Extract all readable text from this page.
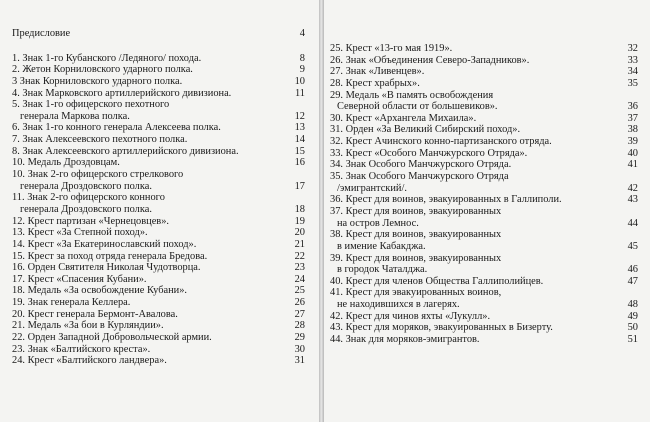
Предисловие	4
1. Знак 1-го Кубанского /Ледяного/ похода.	8
2. Жетон Корниловского ударного полка.	9
3 Знак Корниловского ударного полка.	10
4. Знак Марковского артиллерийского дивизиона.	11
5. Знак 1-го офицерского пехотного
генерала Маркова полка.	12
6. Знак 1-го конного генерала Алексеева полка.	13
7. Знак Алексеевского пехотного полка.	14
8. Знак Алексеевского артиллерийского дивизиона.	15
10. Медаль Дроздовцам.	16
10. Знак 2-го офицерского стрелкового
генерала Дроздовского полка.	17
11. Знак 2-го офицерского конного
генерала Дроздовского полка.	18
12. Крест партизан «Чернецовцев».	19
13. Крест «За Степной поход».	20
14. Крест «За Екатеринославский поход».	21
15. Крест за поход отряда генерала Бредова.	22
16. Орден Святителя Николая Чудотворца.	23
17. Крест «Спасения Кубани».	24
18. Медаль «За освобождение Кубани».	25
19. Знак генерала Келлера.	26
20. Крест генерала Бермонт-Авалова.	27
21. Медаль «За бои в Курляндии».	28
22. Орден Западной Добровольческой армии.	29
23. Знак «Балтийского креста».	30
24. Крест «Балтийского ландвера».	31
25. Крест «13-го мая 1919».	32
26. Знак «Объединения Северо-Западников».	33
27. Знак «Ливенцев».	34
28. Крест храбрых».	35
29. Медаль «В память освобождения
Северной области от большевиков».	36
30. Крест «Архангела Михаила».	37
31. Орден «За Великий Сибирский поход».	38
32. Крест Ачинского конно-партизанского отряда.	39
33. Крест «Особого Манчжурского Отряда».	40
34. Знак Особого Манчжурского Отряда.	41
35. Знак Особого Манчжурского Отряда
/эмигрантский/.	42
36. Крест для воинов, эвакуированных в Галлиполи.	43
37. Крест для воинов, эвакуированных
на остров Лемнос.	44
38. Крест для воинов, эвакуированных
в имение Кабакджа.	45
39. Крест для воинов, эвакуированных
в городок Чаталджа.	46
40. Крест для членов Общества Галлиполийцев.	47
41. Крест для эвакуированных воинов,
не находившихся в лагерях.	48
42. Крест для чинов яхты «Лукулл».	49
43. Крест для моряков, эвакуированных в Бизерту.	50
44. Знак для моряков-эмигрантов.	51
